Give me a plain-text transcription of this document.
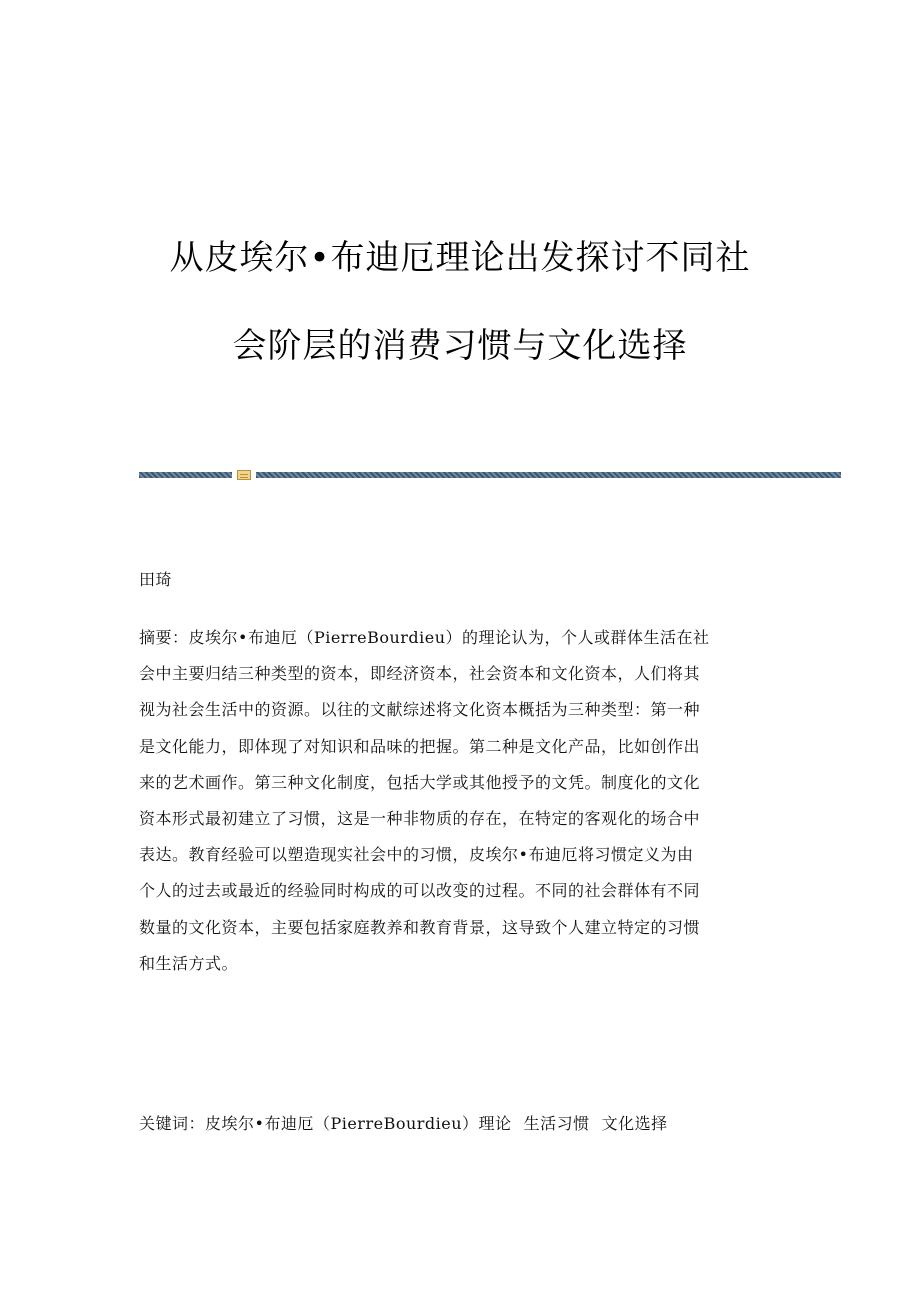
从皮埃尔•布迪厄理论出发探讨不同社
会阶层的消费习惯与文化选择

田琦

摘要：皮埃尔•布迪厄（PierreBourdieu）的理论认为，个人或群体生活在社
会中主要归结三种类型的资本，即经济资本，社会资本和文化资本，人们将其
视为社会生活中的资源。以往的文献综述将文化资本概括为三种类型：第一种
是文化能力，即体现了对知识和品味的把握。第二种是文化产品，比如创作出
来的艺术画作。第三种文化制度，包括大学或其他授予的文凭。制度化的文化
资本形式最初建立了习惯，这是一种非物质的存在，在特定的客观化的场合中
表达。教育经验可以塑造现实社会中的习惯，皮埃尔•布迪厄将习惯定义为由
个人的过去或最近的经验同时构成的可以改变的过程。不同的社会群体有不同
数量的文化资本，主要包括家庭教养和教育背景，这导致个人建立特定的习惯
和生活方式。
关键词：皮埃尔•布迪厄（PierreBourdieu）理论 生活习惯 文化选择
